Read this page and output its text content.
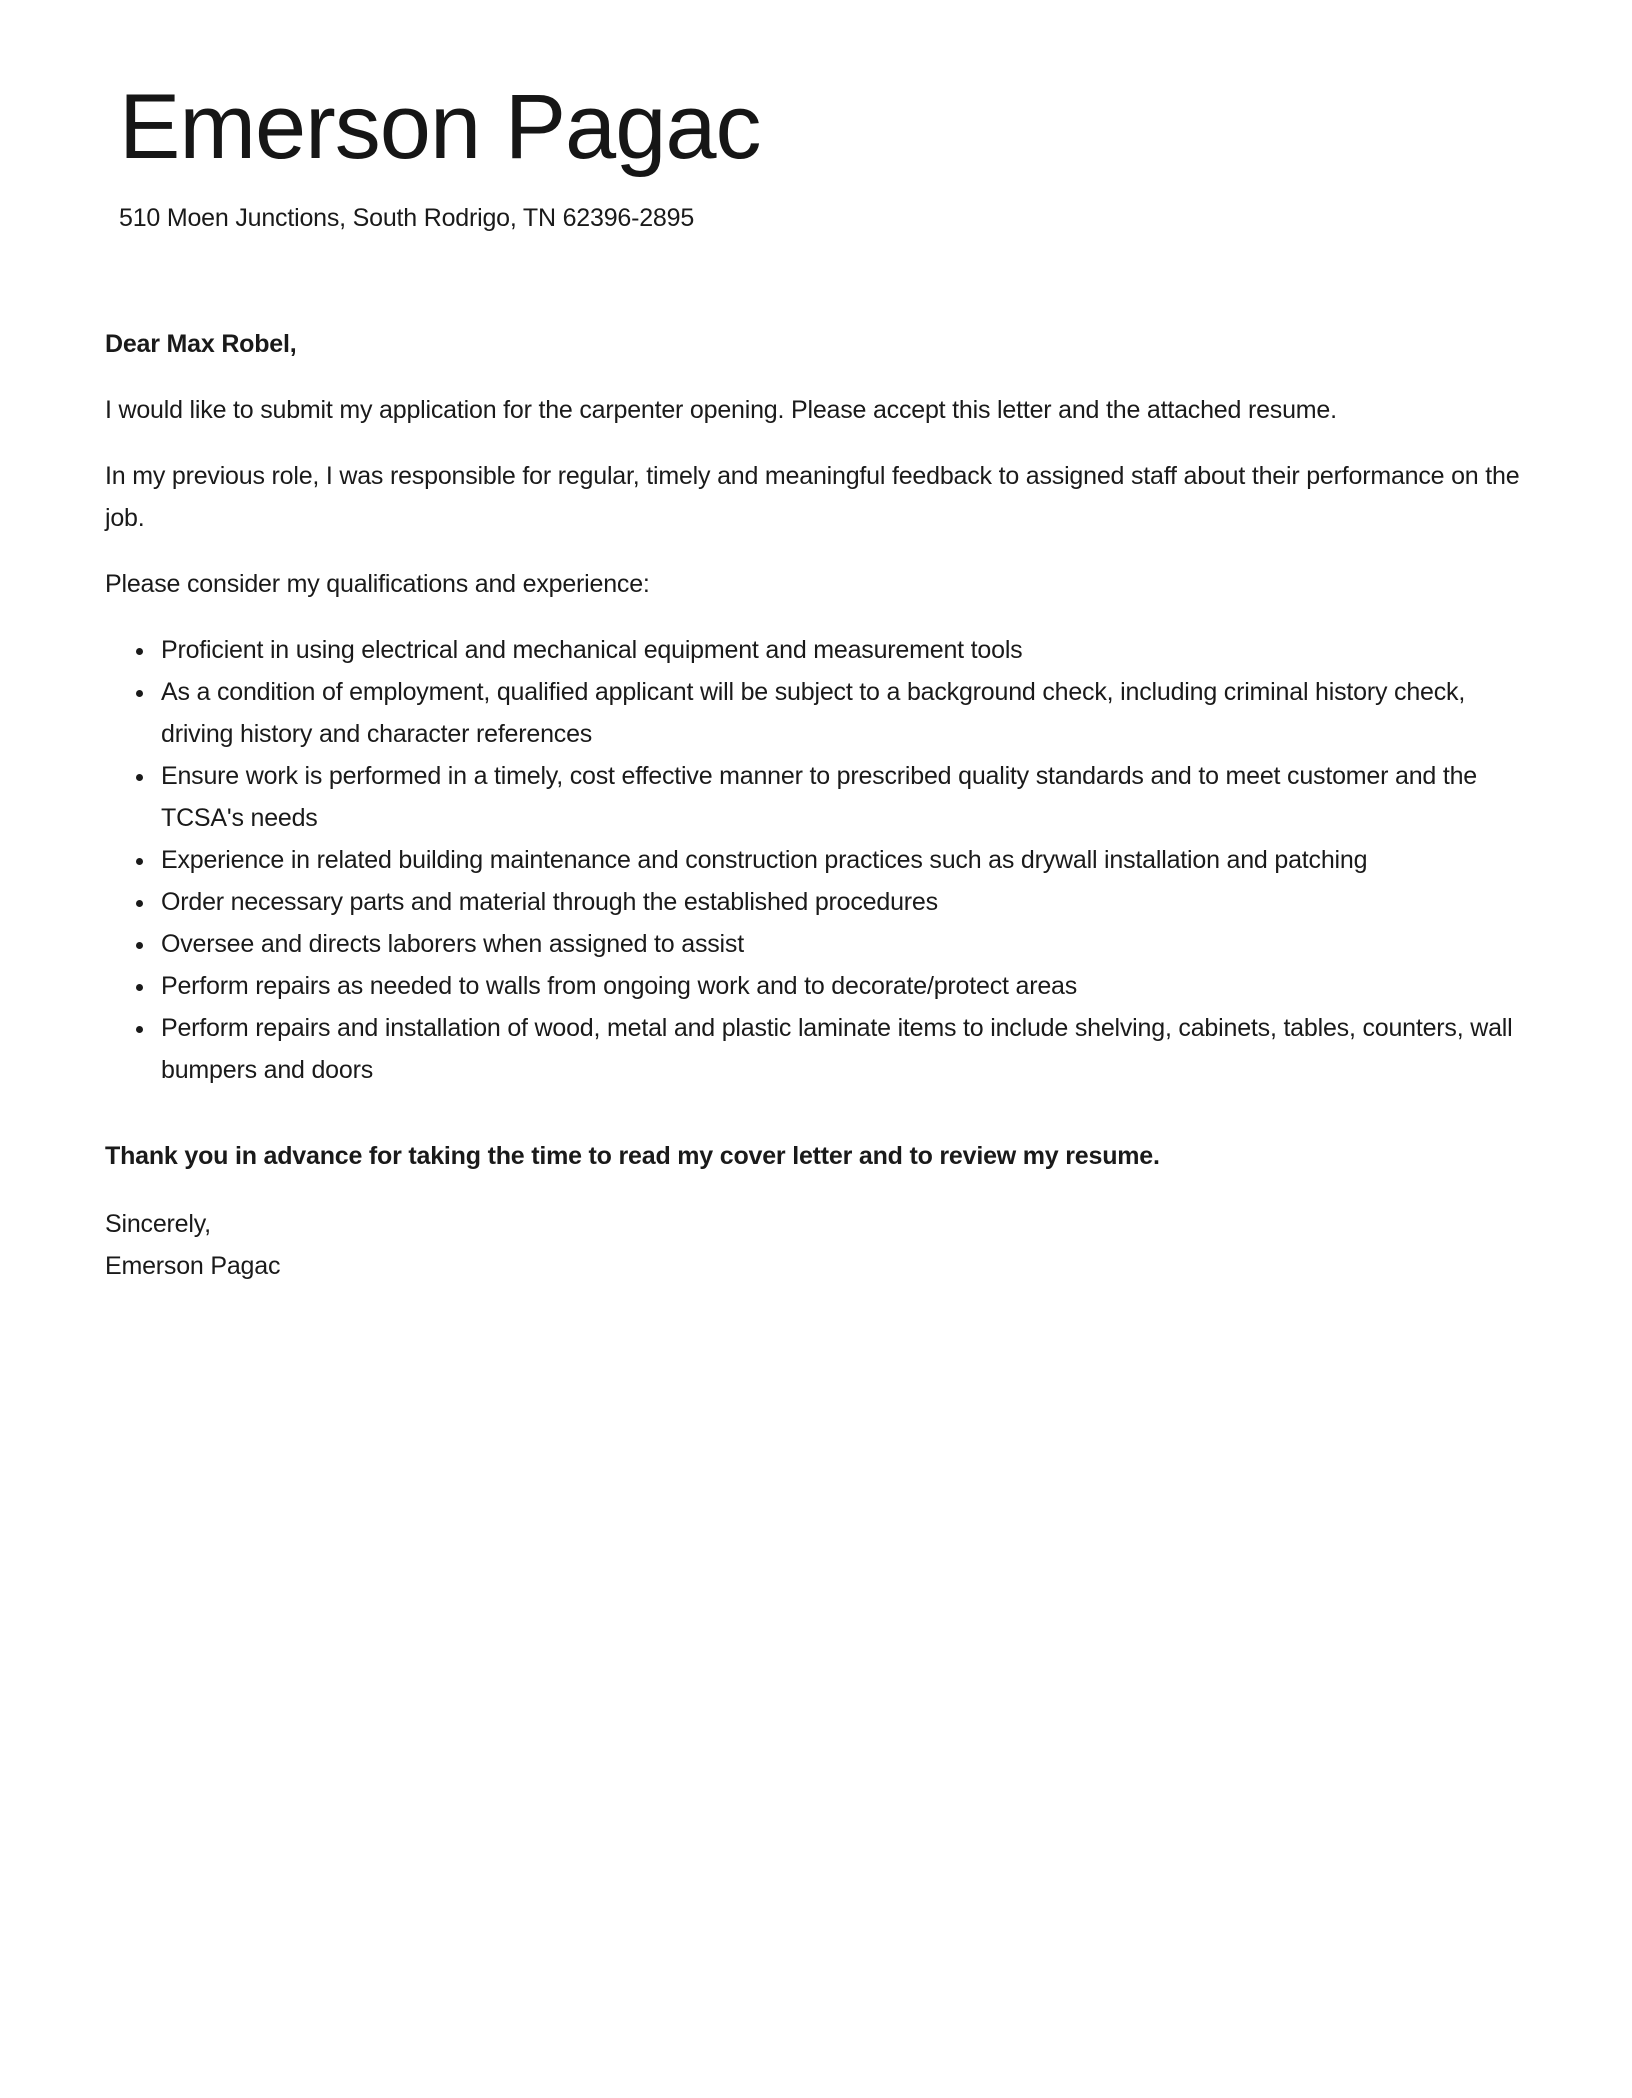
Emerson Pagac

510 Moen Junctions, South Rodrigo, TN 62396-2895

Dear Max Robel,

I would like to submit my application for the carpenter opening. Please accept this letter and the attached resume.

In my previous role, I was responsible for regular, timely and meaningful feedback to assigned staff about their performance on the job.

Please consider my qualifications and experience:

• Proficient in using electrical and mechanical equipment and measurement tools
• As a condition of employment, qualified applicant will be subject to a background check, including criminal history check, driving history and character references
• Ensure work is performed in a timely, cost effective manner to prescribed quality standards and to meet customer and the TCSA's needs
• Experience in related building maintenance and construction practices such as drywall installation and patching
• Order necessary parts and material through the established procedures
• Oversee and directs laborers when assigned to assist
• Perform repairs as needed to walls from ongoing work and to decorate/protect areas
• Perform repairs and installation of wood, metal and plastic laminate items to include shelving, cabinets, tables, counters, wall bumpers and doors

Thank you in advance for taking the time to read my cover letter and to review my resume.

Sincerely,
Emerson Pagac
